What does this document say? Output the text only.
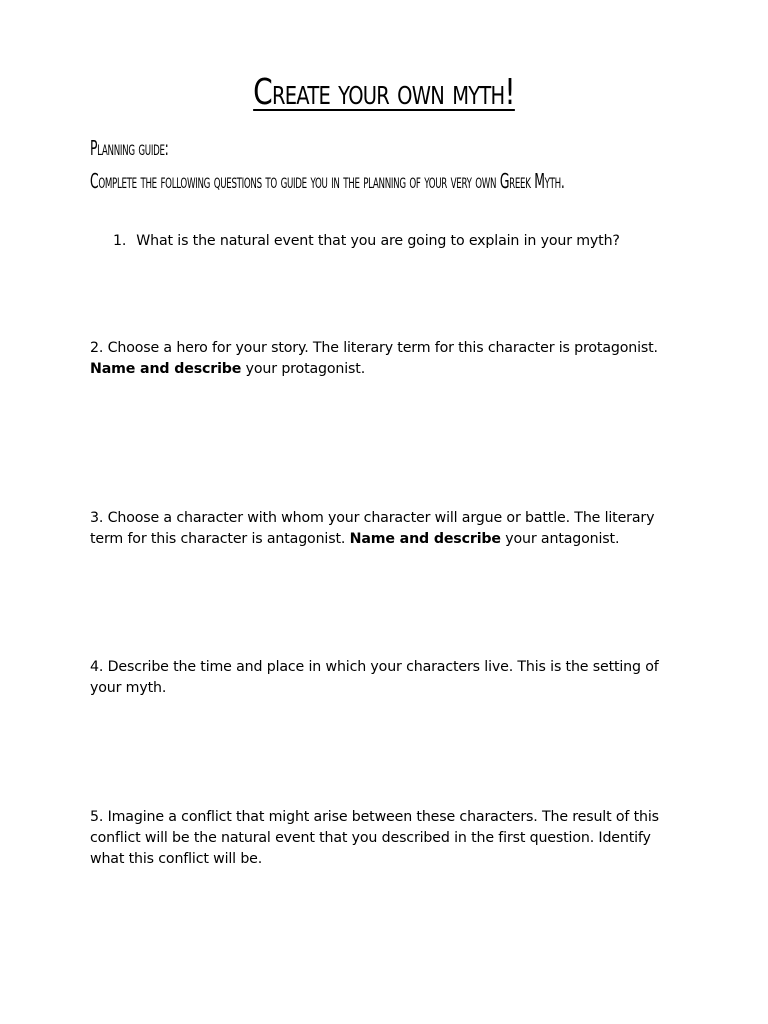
Create your own myth!
Planning guide:
Complete the following questions to guide you in the planning of your very own Greek Myth.
1. What is the natural event that you are going to explain in your myth?
2. Choose a hero for your story. The literary term for this character is protagonist.
Name and describe your protagonist.
3. Choose a character with whom your character will argue or battle. The literary term for this character is antagonist. Name and describe your antagonist.
4. Describe the time and place in which your characters live. This is the setting of your myth.
5. Imagine a conflict that might arise between these characters. The result of this conflict will be the natural event that you described in the first question. Identify what this conflict will be.
